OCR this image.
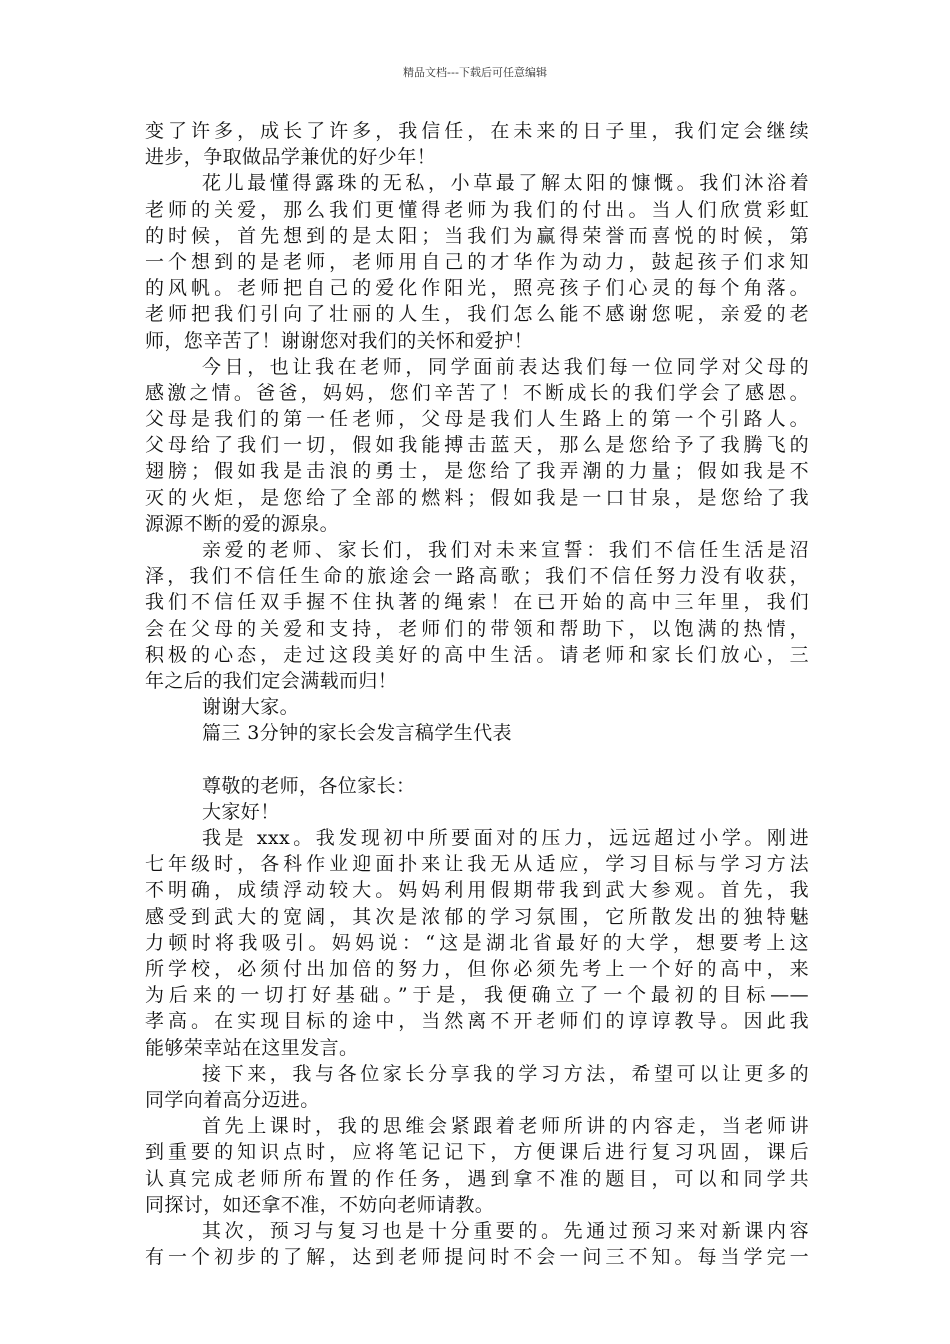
精品文档---下载后可任意编辑
变了许多，成长了许多，我信任，在未来的日子里，我们定会继续
进步，争取做品学兼优的好少年！
花儿最懂得露珠的无私，小草最了解太阳的慷慨。我们沐浴着
老师的关爱，那么我们更懂得老师为我们的付出。当人们欣赏彩虹
的时候，首先想到的是太阳；当我们为赢得荣誉而喜悦的时候，第
一个想到的是老师，老师用自己的才华作为动力，鼓起孩子们求知
的风帆。老师把自己的爱化作阳光，照亮孩子们心灵的每个角落。
老师把我们引向了壮丽的人生，我们怎么能不感谢您呢，亲爱的老
师，您辛苦了！谢谢您对我们的关怀和爱护！
今日，也让我在老师，同学面前表达我们每一位同学对父母的
感激之情。爸爸，妈妈，您们辛苦了！不断成长的我们学会了感恩。
父母是我们的第一任老师，父母是我们人生路上的第一个引路人。
父母给了我们一切，假如我能搏击蓝天，那么是您给予了我腾飞的
翅膀；假如我是击浪的勇士，是您给了我弄潮的力量；假如我是不
灭的火炬，是您给了全部的燃料；假如我是一口甘泉，是您给了我
源源不断的爱的源泉。
亲爱的老师、家长们，我们对未来宣誓：我们不信任生活是沼
泽，我们不信任生命的旅途会一路高歌；我们不信任努力没有收获，
我们不信任双手握不住执著的绳索！在已开始的高中三年里，我们
会在父母的关爱和支持，老师们的带领和帮助下，以饱满的热情，
积极的心态，走过这段美好的高中生活。请老师和家长们放心，三
年之后的我们定会满载而归！
谢谢大家。
篇三 3分钟的家长会发言稿学生代表
尊敬的老师，各位家长：
大家好！
我是 xxx。我发现初中所要面对的压力，远远超过小学。刚进
七年级时，各科作业迎面扑来让我无从适应，学习目标与学习方法
不明确，成绩浮动较大。妈妈利用假期带我到武大参观。首先，我
感受到武大的宽阔，其次是浓郁的学习氛围，它所散发出的独特魅
力顿时将我吸引。妈妈说：“这是湖北省最好的大学，想要考上这
所学校，必须付出加倍的努力，但你必须先考上一个好的高中，来
为后来的一切打好基础。”于是，我便确立了一个最初的目标——
孝高。在实现目标的途中，当然离不开老师们的谆谆教导。因此我
能够荣幸站在这里发言。
接下来，我与各位家长分享我的学习方法，希望可以让更多的
同学向着高分迈进。
首先上课时，我的思维会紧跟着老师所讲的内容走，当老师讲
到重要的知识点时，应将笔记记下，方便课后进行复习巩固，课后
认真完成老师所布置的作任务，遇到拿不准的题目，可以和同学共
同探讨，如还拿不准，不妨向老师请教。
其次，预习与复习也是十分重要的。先通过预习来对新课内容
有一个初步的了解，达到老师提问时不会一问三不知。每当学完一
